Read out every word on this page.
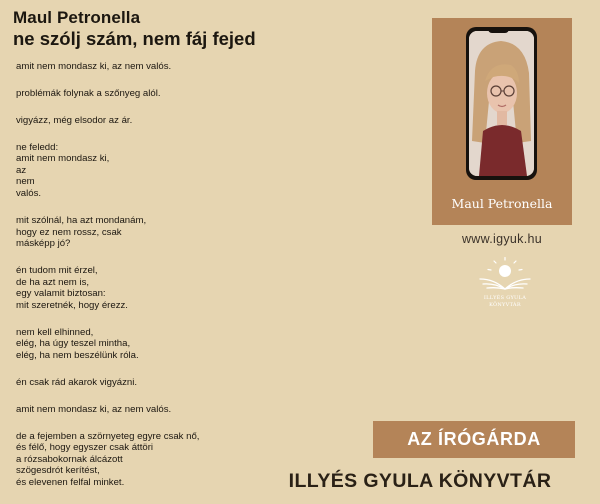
Maul Petronella
ne szólj szám, nem fáj fejed
amit nem mondasz ki, az nem valós.
problémák folynak a szőnyeg alól.
vigyázz, még elsodor az ár.
ne feledd:
amit nem mondasz ki,
az
nem
valós.
mit szólnál, ha azt mondanám,
hogy ez nem rossz, csak
másképp jó?
én tudom mit érzel,
de ha azt nem is,
egy valamit biztosan:
mit szeretnék, hogy érezz.
nem kell elhinned,
elég, ha úgy teszel mintha,
elég, ha nem beszélünk róla.
én csak rád akarok vigyázni.
amit nem mondasz ki, az nem valós.
de a fejemben a szörnyeteg egyre csak nő,
és félő, hogy egyszer csak áttöri
a rózsabokornak álcázott
szögesdrót kerítést,
és elevenen felfal minket.
Maul Petronella
www.igyuk.hu
ILLYÉS GYULA
KÖNYVTÁR
AZ ÍRÓGÁRDA
ILLYÉS GYULA KÖNYVTÁR
